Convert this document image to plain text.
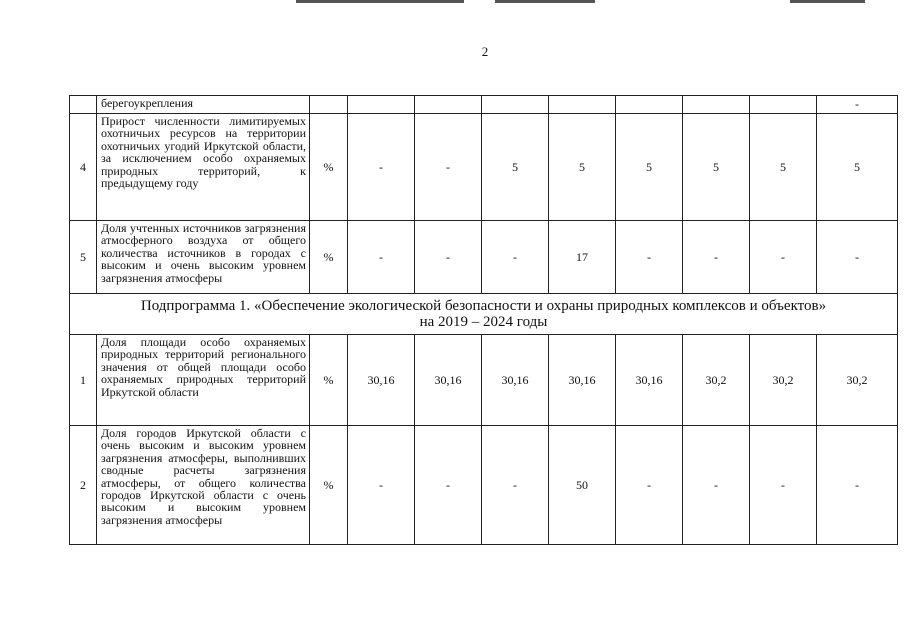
2
	берегоукрепления									-
4	Прирост численности лимитируемых охотничьих ресурсов на территории охотничьих угодий Иркутской области, за исключением особо охраняемых природных территорий, к предыдущему году	%	-	-	5	5	5	5	5	5
5	Доля учтенных источников загрязнения атмосферного воздуха от общего количества источников в городах с высоким и очень высоким уровнем загрязнения атмосферы	%	-	-	-	17	-	-	-	-

Подпрограмма 1. «Обеспечение экологической безопасности и охраны природных комплексов и объектов»
на 2019 – 2024 годы										

1	Доля площади особо охраняемых природных территорий регионального значения от общей площади особо охраняемых природных территорий Иркутской области	%	30,16	30,16	30,16	30,16	30,16	30,2	30,2	30,2
2	Доля городов Иркутской области с очень высоким и высоким уровнем загрязнения атмосферы, выполнивших сводные расчеты загрязнения атмосферы, от общего количества городов Иркутской области с очень высоким и высоким уровнем загрязнения атмосферы	%	-	-	-	50	-	-	-	-
